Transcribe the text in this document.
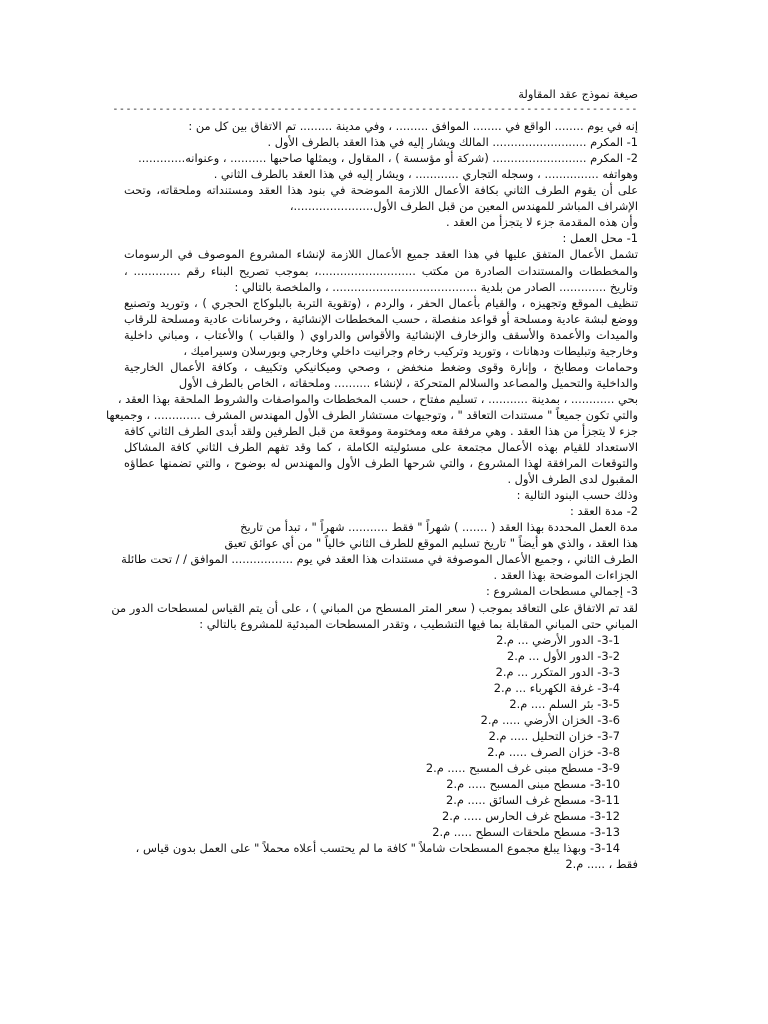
صيغة نموذج عقد المقاولة
--------------------------------------------------------------------------------
إنه في يوم ........ الواقع في ........ الموافق ......... ، وفي مدينة ......... تم الاتفاق بين كل من :
1- المكرم .......................... المالك ويشار إليه في هذا العقد بالطرف الأول .
2- المكرم .......................... (شركة أو مؤسسة ) ، المقاول ، ويمثلها صاحبها .......... ، وعنوانه.............
وهواتفه ............... ، وسجله التجاري ............ ، ويشار إليه في هذا العقد بالطرف الثاني .
على أن يقوم الطرف الثاني بكافة الأعمال اللازمة الموضحة في بنود هذا العقد ومستنداته وملحقاته، وتحت
الإشراف المباشر للمهندس المعين من قبل الطرف الأول......................،
وأن هذه المقدمة جزء لا يتجزأ من العقد .
1- محل العمل :
تشمل الأعمال المتفق عليها في هذا العقد جميع الأعمال اللازمة لإنشاء المشروع الموصوف في الرسومات
والمخططات والمستندات الصادرة من مكتب ...........................، بموجب تصريح البناء رقم ............. ،
وتاريخ ............. الصادر من بلدية ........................................ ، والملخصة بالتالي :
تنظيف الموقع وتجهيزه ، والقيام بأعمال الحفر ، والردم ، (وتقوية التربة بالبلوكاج الحجري ) ، وتوريد وتصنيع
ووضع لبشة عادية ومسلحة أو قواعد منفصلة ، حسب المخططات الإنشائية ، وخرسانات عادية ومسلحة للرقاب
والميدات والأعمدة والأسقف والزخارف الإنشائية والأقواس والدراوي ( والقباب ) والأعتاب ، ومباني داخلية
وخارجية وتبليطات ودهانات ، وتوريد وتركيب رخام وجرانيت داخلي وخارجي وبورسلان وسيراميك ،
وحمامات ومطابخ ، وإنارة وقوى وضغط منخفض ، وصحي وميكانيكي وتكييف ، وكافة الأعمال الخارجية
والداخلية والتحميل والمصاعد والسلالم المتحركة ، لإنشاء .......... وملحقاته ، الخاص بالطرف الأول
بحي ............ ، بمدينة ........... ، تسليم مفتاح ، حسب المخططات والمواصفات والشروط الملحقة بهذا العقد ،
والتي تكون جميعاً " مستندات التعاقد " ، وتوجيهات مستشار الطرف الأول المهندس المشرف ............. ، وجميعها
جزء لا يتجزأ من هذا العقد . وهي مرفقة معه ومختومة وموقعة من قبل الطرفين ولقد أبدى الطرف الثاني كافة
الاستعداد للقيام بهذه الأعمال مجتمعة على مسئوليته الكاملة ، كما وقد تفهم الطرف الثاني كافة المشاكل
والتوقعات المرافقة لهذا المشروع ، والتي شرحها الطرف الأول والمهندس له بوضوح ، والتي تضمنها عطاؤه
المقبول لدى الطرف الأول .
وذلك حسب البنود التالية :
2- مدة العقد :
مدة العمل المحددة بهذا العقد ( ....... ) شهراً " فقط ........... شهراً " ، تبدأ من تاريخ
هذا العقد ، والذي هو أيضاً " تاريخ تسليم الموقع للطرف الثاني خالياً " من أي عوائق تعيق
الطرف الثاني ، وجميع الأعمال الموصوفة في مستندات هذا العقد في يوم ................. الموافق / / تحت طائلة
الجزاءات الموضحة بهذا العقد .
3- إجمالي مسطحات المشروع :
لقد تم الاتفاق على التعاقد بموجب ( سعر المتر المسطح من المباني ) ، على أن يتم القياس لمسطحات الدور من
المباني حتى المباني المقابلة بما فيها التشطيب ، وتقدر المسطحات المبدئية للمشروع بالتالي :
3-1- الدور الأرضي ... م.2
3-2- الدور الأول ... م.2
3-3- الدور المتكرر ... م.2
3-4- غرفة الكهرباء ... م.2
3-5- بئر السلم .... م.2
3-6- الخزان الأرضي ..... م.2
3-7- خزان التحليل ..... م.2
3-8- خزان الصرف ..... م.2
3-9- مسطح مبنى غرف المسبح ..... م.2
3-10- مسطح مبنى المسبح ..... م.2
3-11- مسطح غرف السائق ..... م.2
3-12- مسطح غرف الحارس ..... م.2
3-13- مسطح ملحقات السطح ..... م.2
3-14- وبهذا يبلغ مجموع المسطحات شاملاً " كافة ما لم يحتسب أعلاه محملاً " على العمل بدون قياس ،
فقط ، ..... م.2
